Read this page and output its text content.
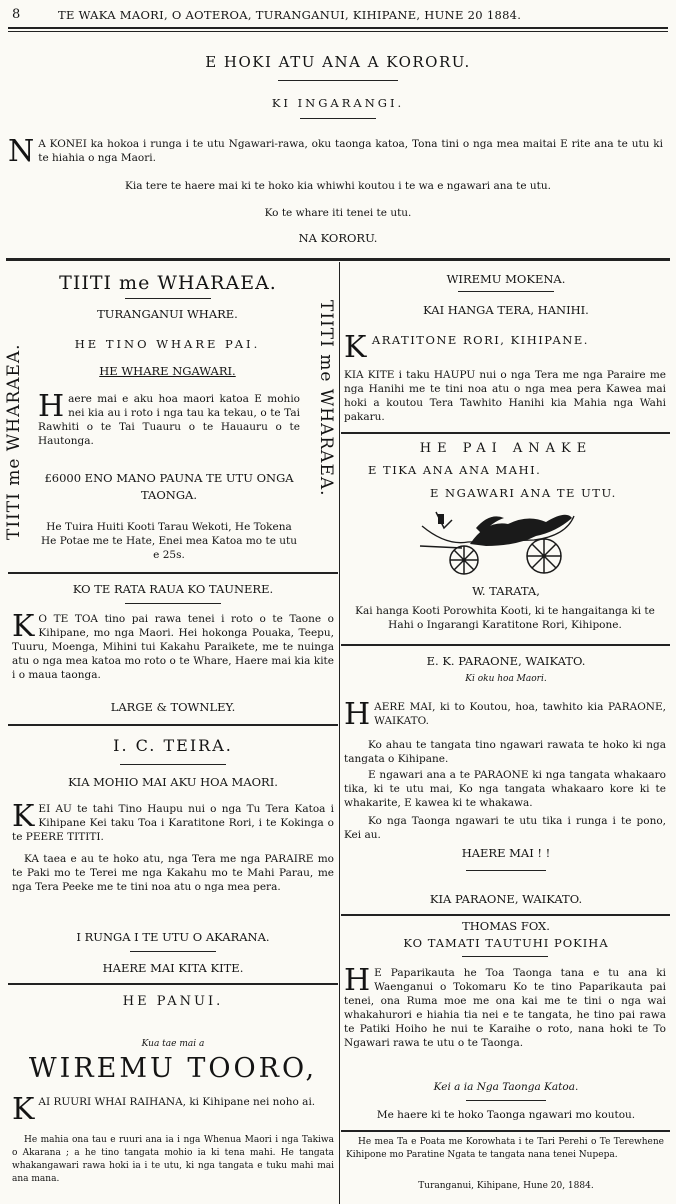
8	TE WAKA MAORI, O AOTEROA, TURANGANUI, KIHIPANE, HUNE 20 1884.
E HOKI ATU ANA A KORORU.
KI INGARANGI.
N A KONEI ka hokoa i runga i te utu Ngawari-rawa, oku taonga katoa, Tona tini o nga mea maitai E rite ana te utu ki te hiahia o nga Maori.
Kia tere te haere mai ki te hoko kia whiwhi koutou i te wa e ngawari ana te utu.
Ko te whare iti tenei te utu.
NA KORORU.
TIITI me WHARAEA.
TIITI me WHARAEA.	TIITI me WHARAEA.
TURANGANUI WHARE.
HE TINO WHARE PAI.
HE WHARE NGAWARI.
Haere mai e aku hoa maori katoa E mohio nei kia au i roto i nga tau ka tekau, o te Tai Rawhiti o te Tai Tuauru o te Hauauru o te Hautonga.
£6000 ENO MANO PAUNA TE UTU ONGA TAONGA.
He Tuira Huiti Kooti Tarau Wekoti, He Tokena He Potae me te Hate, Enei mea Katoa mo te utu e 25s.
KO TE RATA RAUA KO TAUNERE.
K O TE TOA tino pai rawa tenei i roto o te Taone o Kihipane, mo nga Maori. Hei hokonga Pouaka, Teepu, Tuuru, Moenga, Mihini tui Kakahu Paraikete, me te nuinga atu o nga mea katoa mo roto o te Whare, Haere mai kia kite i o maua taonga.
LARGE & TOWNLEY.
I. C. TEIRA.
KIA MOHIO MAI AKU HOA MAORI.
KEI AU te tahi Tino Haupu nui o nga Tu Tera Katoa i Kihipane Kei taku Toa i Karatitone Rori, i te Kokinga o te PEERE TITITI.
KA taea e au te hoko atu, nga Tera me nga PARAIRE mo te Paki mo te Terei me nga Kakahu mo te Mahi Parau, me nga Tera Peeke me te tini noa atu o nga mea pera.
I RUNGA I TE UTU O AKARANA.
HAERE MAI KITA KITE.
HE PANUI.
Kua tae mai a
WIREMU TOORO,
KAI RUURI WHAI RAIHANA, ki Kihipane nei noho ai.
He mahia ona tau e ruuri ana ia i nga Whenua Maori i nga Takiwa o Akarana ; a he tino tangata mohio ia ki tena mahi. He tangata whakangawari rawa hoki ia i te utu, ki nga tangata e tuku mahi mai ana mana.
WIREMU MOKENA.
KAI HANGA TERA, HANIHI.
KARATITONE RORI, KIHIPANE.
KIA KITE i taku HAUPU nui o nga Tera me nga Paraire me nga Hanihi me te tini noa atu o nga mea pera Kawea mai hoki a koutou Tera Tawhito Hanihi kia Mahia nga Wahi pakaru.
HE PAI ANAKE
E TIKA ANA ANA MAHI.
E NGAWARI ANA TE UTU.
W. TARATA,
Kai hanga Kooti Porowhita Kooti, ki te hangaitanga ki te Hahi o Ingarangi Karatitone Rori, Kihipone.
E. K. PARAONE, WAIKATO.
Ki oku hoa Maori.
HAERE MAI, ki to Koutou, hoa, tawhito kia PARAONE, WAIKATO.
Ko ahau te tangata tino ngawari rawata te hoko ki nga tangata o Kihipane.
E ngawari ana a te PARAONE ki nga tangata whakaaro tika, ki te utu mai, Ko nga tangata whakaaro kore ki te whakarite, E kawea ki te whakawa.
Ko nga Taonga ngawari te utu tika i runga i te pono, Kei au.
HAERE MAI ! !
KIA PARAONE, WAIKATO.
THOMAS FOX.
KO TAMATI TAUTUHI POKIHA
H E Paparikauta he Toa Taonga tana e tu ana ki Waenganui o Tokomaru Ko te tino Paparikauta pai tenei, ona Ruma moe me ona kai me te tini o nga wai whakahurori e hiahia tia nei e te tangata, he tino pai rawa te Patiki Hoiho he nui te Karaihe o roto, nana hoki te To Ngawari rawa te utu o te Taonga.
Kei a ia Nga Taonga Katoa.
Me haere ki te hoko Taonga ngawari mo koutou.
He mea Ta e Poata me Korowhata i te Tari Perehi o Te Terewhene Kihipone mo Paratine Ngata te tangata nana tenei Nupepa.
Turanganui, Kihipane, Hune 20, 1884.
